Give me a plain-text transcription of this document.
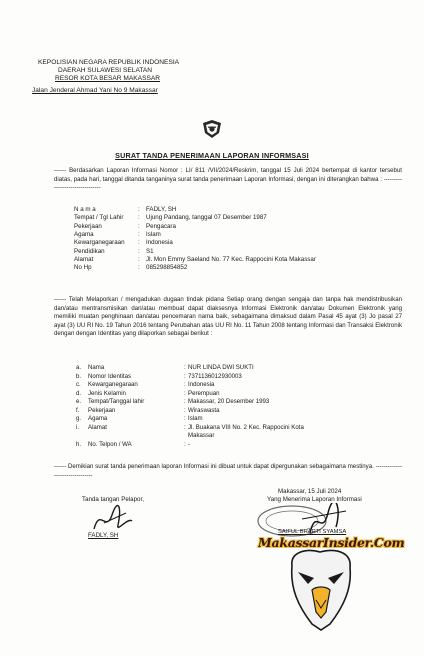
KEPOLISIAN NEGARA REPUBLIK INDONESIA
DAERAH SULAWESI SELATAN
RESOR KOTA BESAR MAKASSAR
Jalan Jenderal Ahmad Yani No 9 Makassar
SURAT TANDA PENERIMAAN LAPORAN INFORMSASI
------ Berdasarkan Laporan Informasi Nomor : LI/ 811 /VII/2024/Reskrim, tanggal 15 Juli 2024 bertempat di kantor tersebut diatas, pada hari, tanggal ditanda tanganinya surat tanda penerimaan Laporan Informasi, dengan ini diterangkan bahwa : --------------------------------
N a m a	: FADLY, SH
Tempat / Tgl Lahir : Ujung Pandang, tanggal 07 Desember 1987
Pekerjaan	: Pengacara
Agama	: Islam
Kewarganegaraan : Indonesia
Pendidikan	: S1
Alamat	: Jl. Mon Emmy Saeland No. 77 Kec. Rappocini Kota Makassar
No Hp	: 085298854852
------ Telah Melaporkan / mengadukan dugaan tindak pidana Setiap orang dengan sengaja dan tanpa hak mendistribusikan dan/atau mentransmisikan dan/atau membuat dapat diaksesnya Informasi Elektronik dan/atau Dokumen Elektronik yang memiliki muatan penghinaan dan/atau pencemaran nama baik, sebagaimana dimaksud dalam Pasal 45 ayat (3) Jo pasal 27 ayat (3) UU RI No. 19 Tahun 2016 tentang Perubahan atas UU RI No. 11 Tahun 2008 tentang Informasi dan Transaksi Elektronik dengan dengan Identitas yang dilaporkan sebagai berikut :
a. Nama	: NUR LINDA DWI SUKTI
b. Nomor Identitas	: 7371136012930003
c. Kewarganegaraan	: Indonesia
d. Jenis Kelamin	: Perempuan
e. Tempat/Tanggal lahir	: Makassar, 20 Desember 1993
f. Pekerjaan	: Wiraswasta
g. Agama	: Islam
i. Alamat	: Jl. Buakana VIII No. 2 Kec. Rappocini Kota
Makassar
h. No. Telpon / WA	: -
------ Demikian surat tanda penerimaan laporan Informasi ini dibuat untuk dapat dipergunakan sebagaimana mestinya. --------------------------------
Tanda tangan Pelapor,
FADLY, SH
Makassar, 15 Juli 2024
Yang Menerima Laporan Informasi
SAIFUL BHARTI SYAMSA
MakassarInsider.Com
